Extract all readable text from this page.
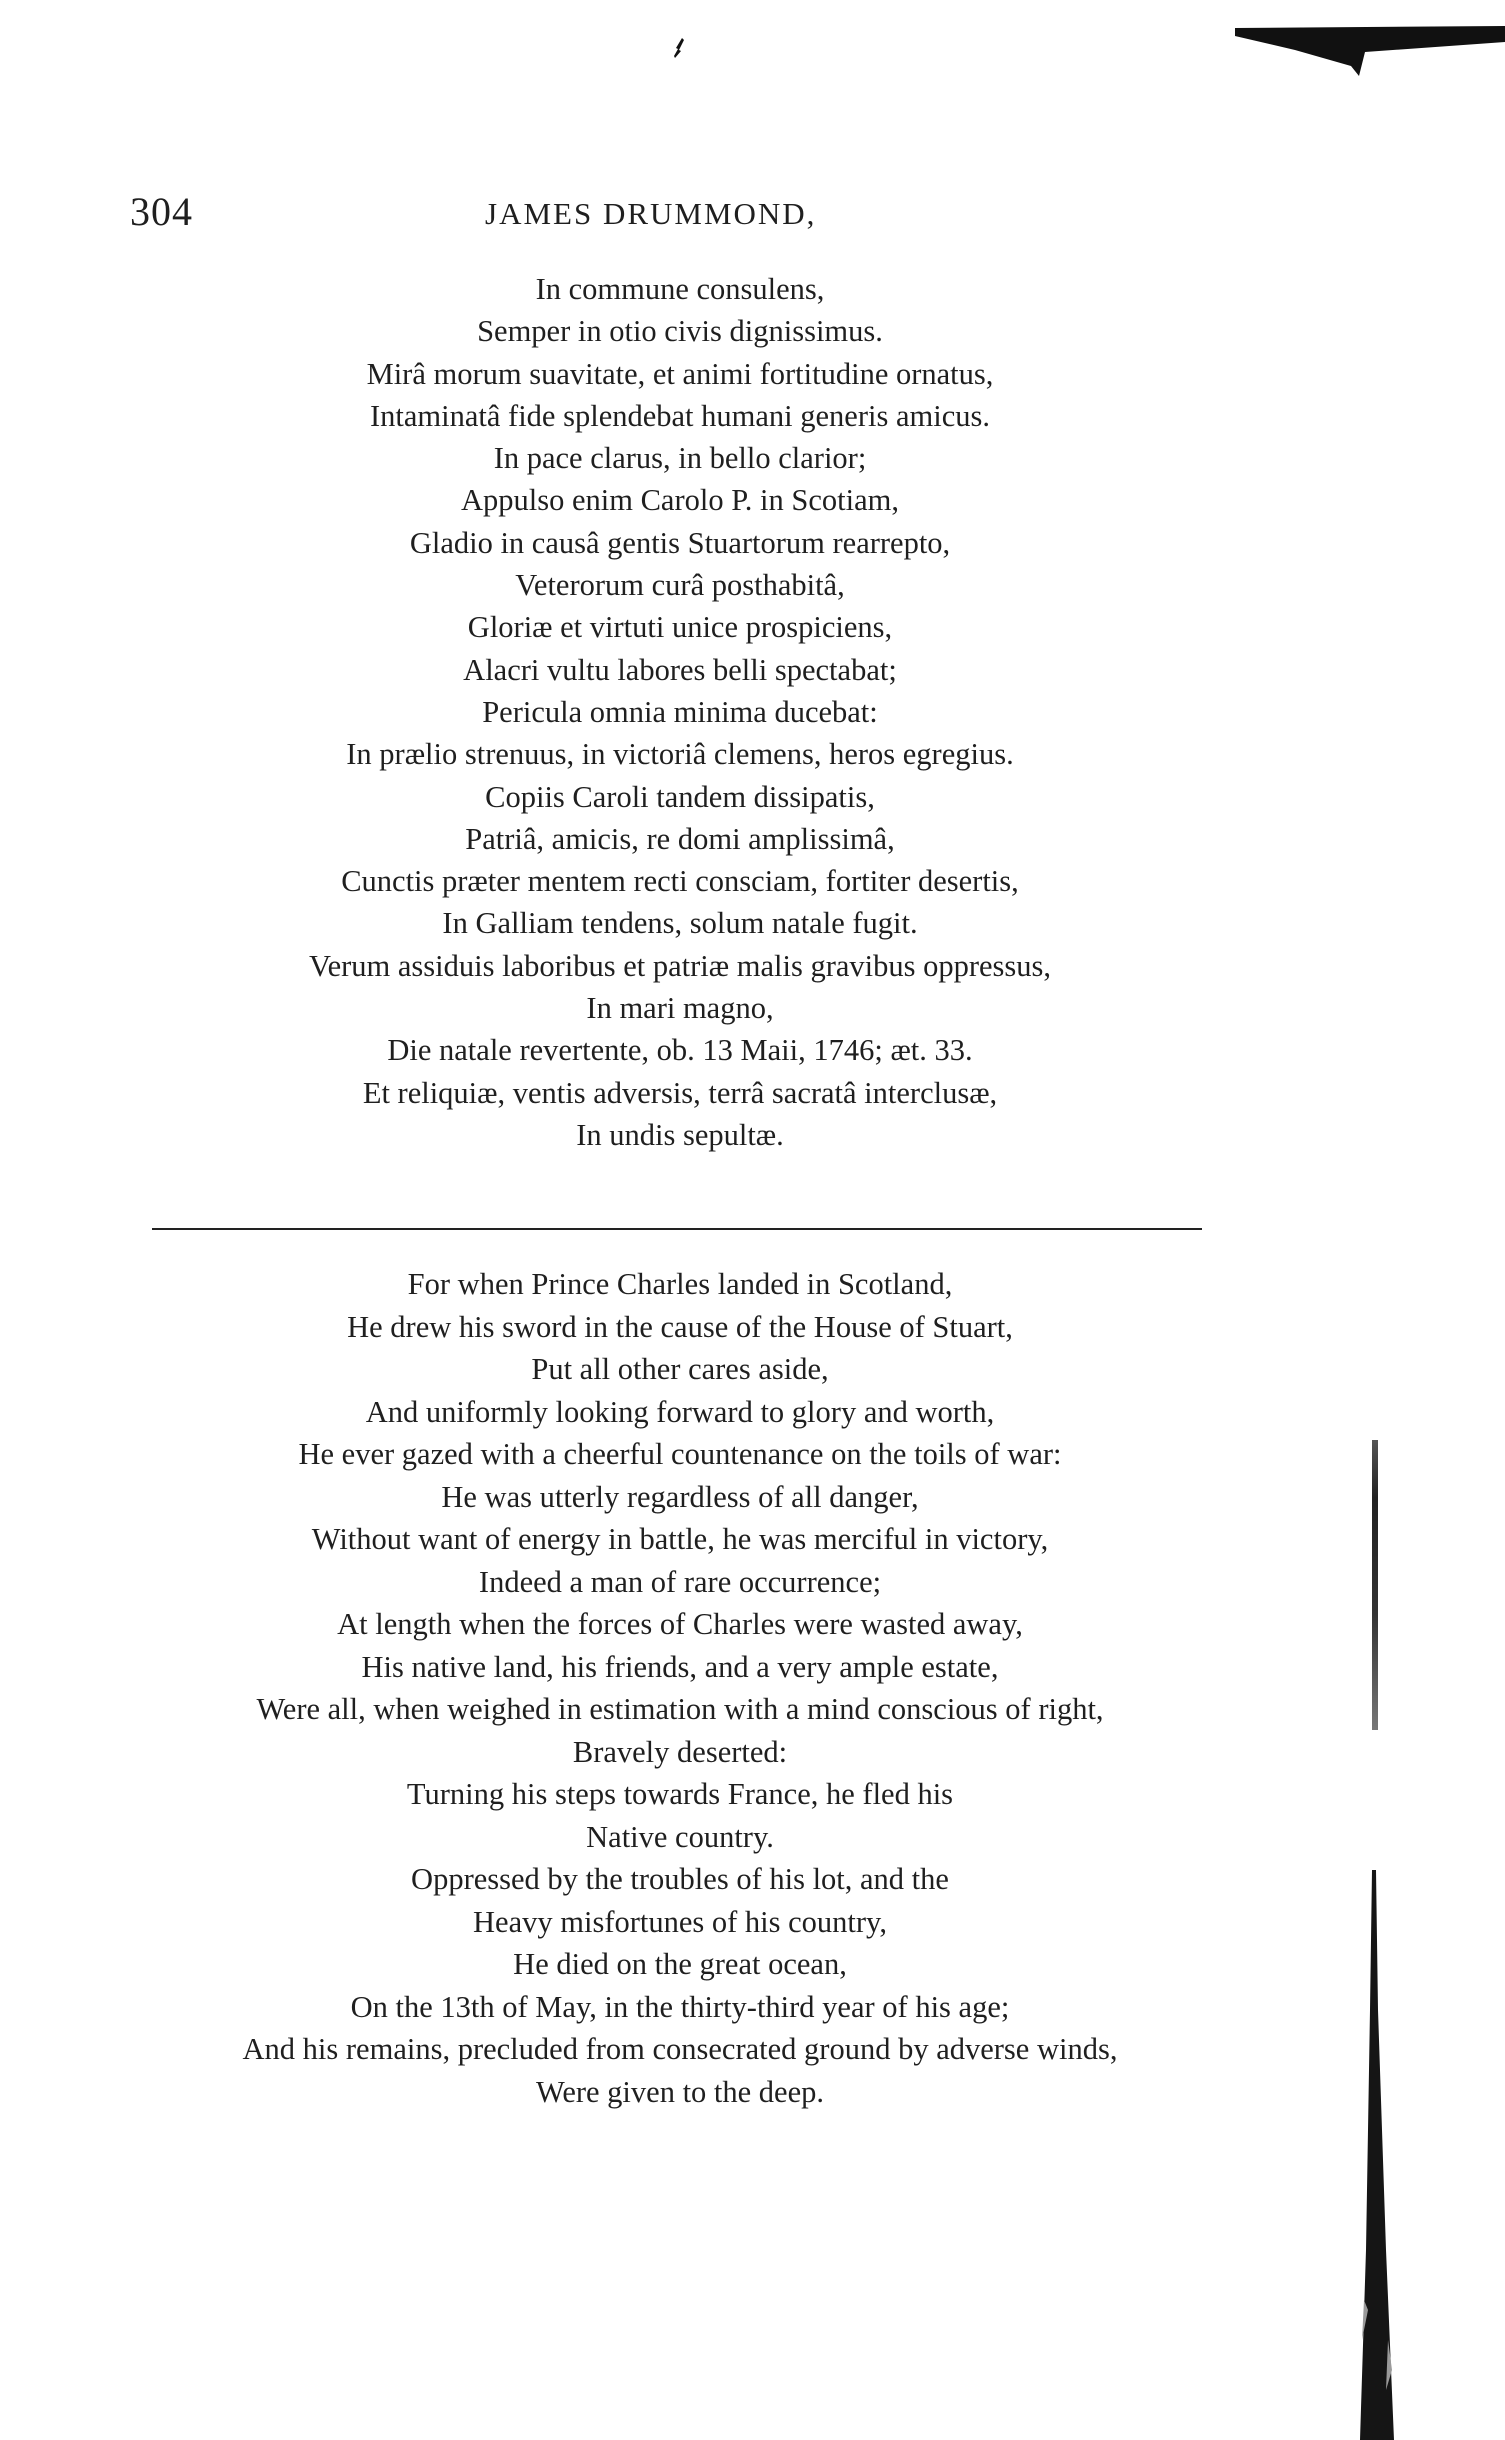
304	JAMES DRUMMOND,
In commune consulens,
Semper in otio civis dignissimus.
Mirâ morum suavitate, et animi fortitudine ornatus,
Intaminatâ fide splendebat humani generis amicus.
In pace clarus, in bello clarior;
Appulso enim Carolo P. in Scotiam,
Gladio in causâ gentis Stuartorum rearrepto,
Veterorum curâ posthabitâ,
Gloriæ et virtuti unice prospiciens,
Alacri vultu labores belli spectabat;
Pericula omnia minima ducebat:
In prælio strenuus, in victoriâ clemens, heros egregius.
Copiis Caroli tandem dissipatis,
Patriâ, amicis, re domi amplissimâ,
Cunctis præter mentem recti consciam, fortiter desertis,
In Galliam tendens, solum natale fugit.
Verum assiduis laboribus et patriæ malis gravibus oppressus,
In mari magno,
Die natale revertente, ob. 13 Maii, 1746; æt. 33.
Et reliquiæ, ventis adversis, terrâ sacratâ interclusæ,
In undis sepultæ.
For when Prince Charles landed in Scotland,
He drew his sword in the cause of the House of Stuart,
Put all other cares aside,
And uniformly looking forward to glory and worth,
He ever gazed with a cheerful countenance on the toils of war:
He was utterly regardless of all danger,
Without want of energy in battle, he was merciful in victory,
Indeed a man of rare occurrence;
At length when the forces of Charles were wasted away,
His native land, his friends, and a very ample estate,
Were all, when weighed in estimation with a mind conscious of right,
Bravely deserted:
Turning his steps towards France, he fled his
Native country.
Oppressed by the troubles of his lot, and the
Heavy misfortunes of his country,
He died on the great ocean,
On the 13th of May, in the thirty-third year of his age;
And his remains, precluded from consecrated ground by adverse winds,
Were given to the deep.
